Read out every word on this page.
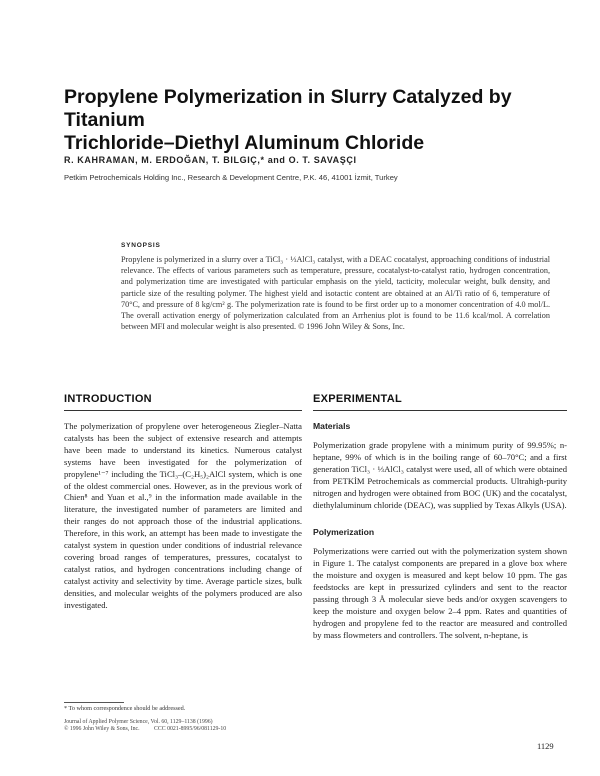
Propylene Polymerization in Slurry Catalyzed by Titanium
Trichloride–Diethyl Aluminum Chloride
R. KAHRAMAN, M. ERDOĞAN, T. BILGIÇ,* and O. T. SAVAŞÇI
Petkim Petrochemicals Holding Inc., Research & Development Centre, P.K. 46, 41001 İzmit, Turkey
SYNOPSIS

Propylene is polymerized in a slurry over a TiCl₃ · ⅓AlCl₃ catalyst, with a DEAC cocatalyst, approaching conditions of industrial relevance. The effects of various parameters such as temperature, pressure, cocatalyst-to-catalyst ratio, hydrogen concentration, and polymerization time are investigated with particular emphasis on the yield, tacticity, molecular weight, bulk density, and particle size of the resulting polymer. The highest yield and isotactic content are obtained at an Al/Ti ratio of 6, temperature of 70°C, and pressure of 8 kg/cm² g. The polymerization rate is found to be first order up to a monomer concentration of 4.0 mol/L. The overall activation energy of polymerization calculated from an Arrhenius plot is found to be 11.6 kcal/mol. A correlation between MFI and molecular weight is also presented. © 1996 John Wiley & Sons, Inc.

INTRODUCTION

The polymerization of propylene over heterogeneous Ziegler–Natta catalysts has been the subject of extensive research and attempts have been made to understand its kinetics. Numerous catalyst systems have been investigated for the polymerization of propylene¹⁻⁷ including the TiCl₃–(C₂H₅)₂AlCl system, which is one of the oldest commercial ones. However, as in the previous work of Chien⁸ and Yuan et al.,⁹ in the information made available in the literature, the investigated number of parameters are limited and their ranges do not approach those of the industrial applications. Therefore, in this work, an attempt has been made to investigate the catalyst system in question under conditions of industrial relevance covering broad ranges of temperatures, pressures, cocatalyst to catalyst ratios, and hydrogen concentrations including change of catalyst activity and selectivity by time. Average particle sizes, bulk densities, and molecular weights of the polymers produced are also investigated.

EXPERIMENTAL
Materials

Polymerization grade propylene with a minimum purity of 99.95%; n-heptane, 99% of which is in the boiling range of 60–70°C; and a first generation TiCl₃ · ⅓AlCl₃ catalyst were used, all of which were obtained from PETKİM Petrochemicals as commercial products. Ultrahigh-purity nitrogen and hydrogen were obtained from BOC (UK) and the cocatalyst, diethylaluminum chloride (DEAC), was supplied by Texas Alkyls (USA).

Polymerization

Polymerizations were carried out with the polymerization system shown in Figure 1. The catalyst components are prepared in a glove box where the moisture and oxygen is measured and kept below 10 ppm. The gas feedstocks are kept in pressurized cylinders and sent to the reactor passing through 3 Å molecular sieve beds and/or oxygen scavengers to keep the moisture and oxygen below 2–4 ppm. Rates and quantities of hydrogen and propylene fed to the reactor are measured and controlled by mass flowmeters and controllers. The solvent, n-heptane, is

* To whom correspondence should be addressed.
Journal of Applied Polymer Science, Vol. 60, 1129–1138 (1996)
© 1996 John Wiley & Sons, Inc.          CCC 0021-8995/96/081129-10
1129
